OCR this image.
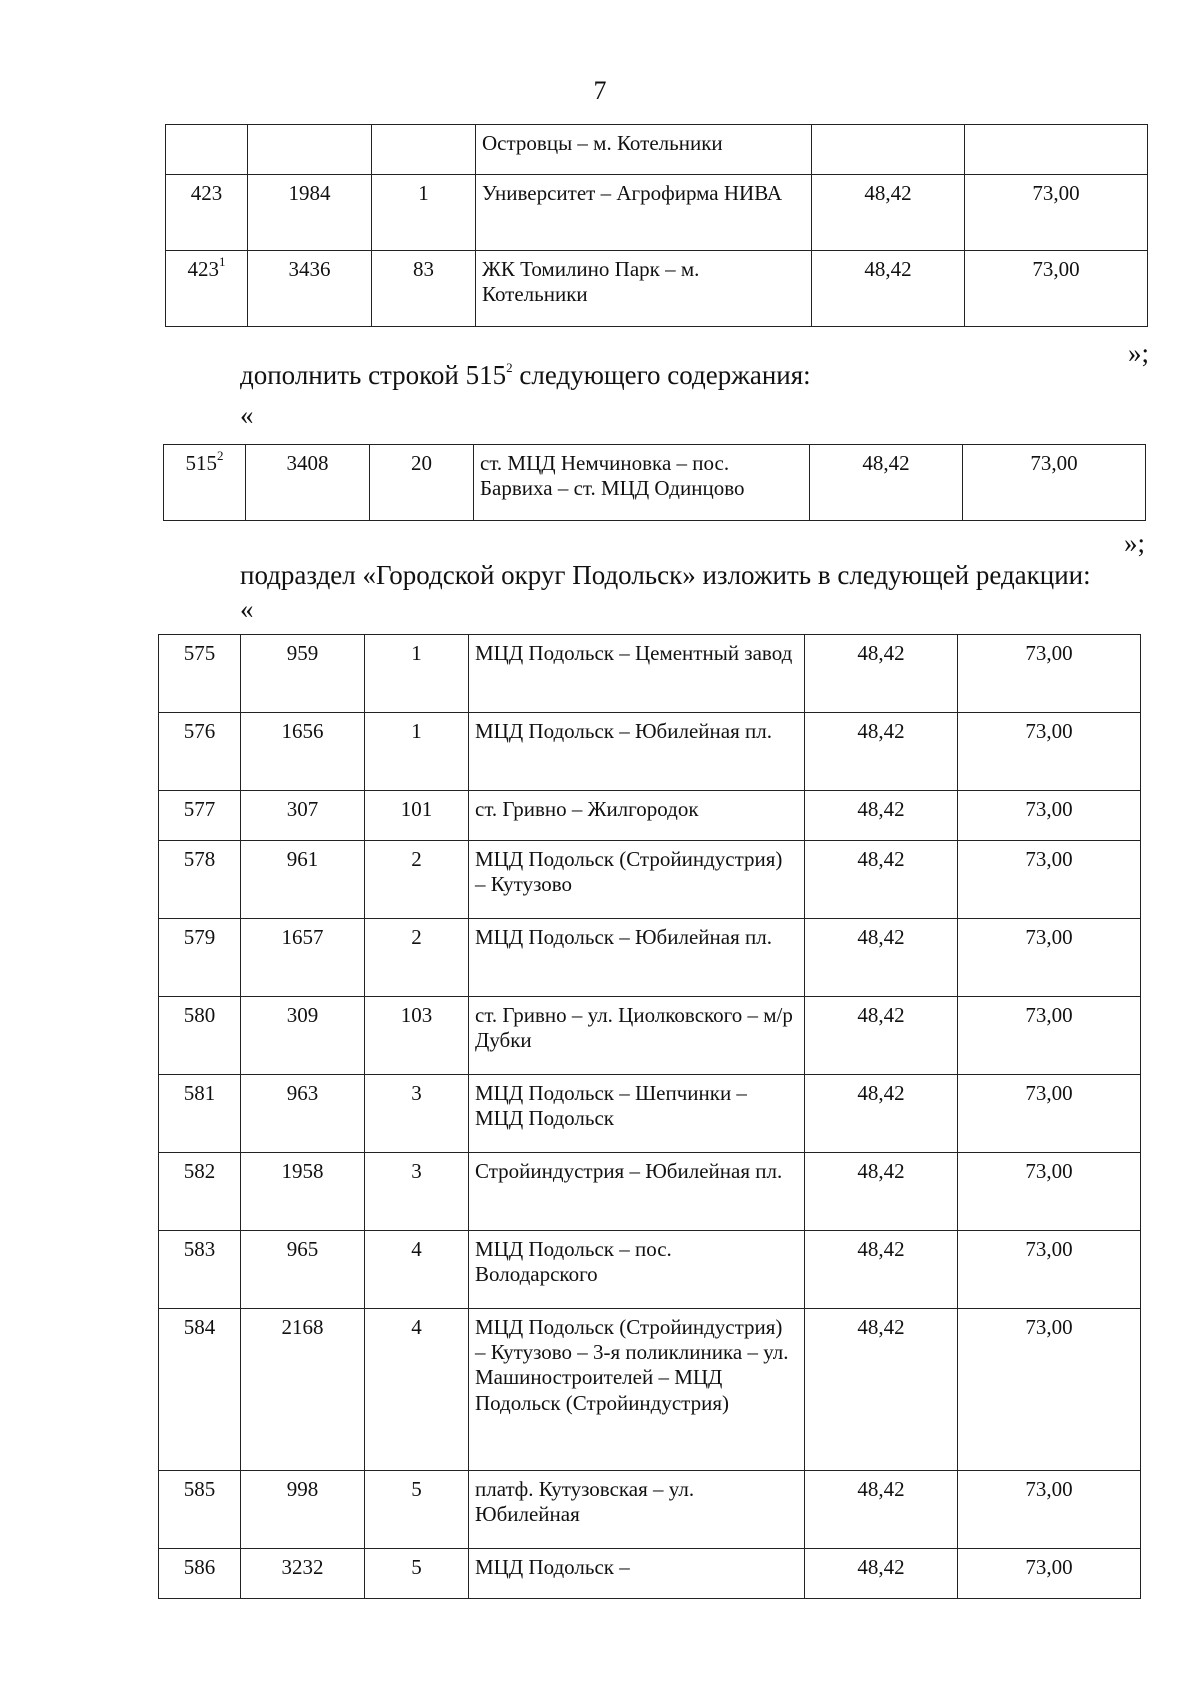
7
			Островцы – м. Котельники		
423	1984	1	Университет – Агрофирма НИВА	48,42	73,00
$423^1$	3436	83	ЖК Томилино Парк – м. Котельники	48,42	73,00
»;
дополнить строкой $515^2$ следующего содержания:
«
$515^2$	3408	20	ст. МЦД Немчиновка – пос. Барвиха – ст. МЦД Одинцово	48,42	73,00
»;
подраздел «Городской округ Подольск» изложить в следующей редакции:
«
575	959	1	МЦД Подольск – Цементный завод	48,42	73,00
576	1656	1	МЦД Подольск – Юбилейная пл.	48,42	73,00
577	307	101	ст. Гривно – Жилгородок	48,42	73,00
578	961	2	МЦД Подольск (Стройиндустрия) – Кутузово	48,42	73,00
579	1657	2	МЦД Подольск – Юбилейная пл.	48,42	73,00
580	309	103	ст. Гривно – ул. Циолковского – м/р Дубки	48,42	73,00
581	963	3	МЦД Подольск – Шепчинки – МЦД Подольск	48,42	73,00
582	1958	3	Стройиндустрия – Юбилейная пл.	48,42	73,00
583	965	4	МЦД Подольск – пос. Володарского	48,42	73,00
584	2168	4	МЦД Подольск (Стройиндустрия) – Кутузово – 3-я поликлиника – ул. Машиностроителей – МЦД Подольск (Стройиндустрия)	48,42	73,00
585	998	5	платф. Кутузовская – ул. Юбилейная	48,42	73,00
586	3232	5	МЦД Подольск –	48,42	73,00
